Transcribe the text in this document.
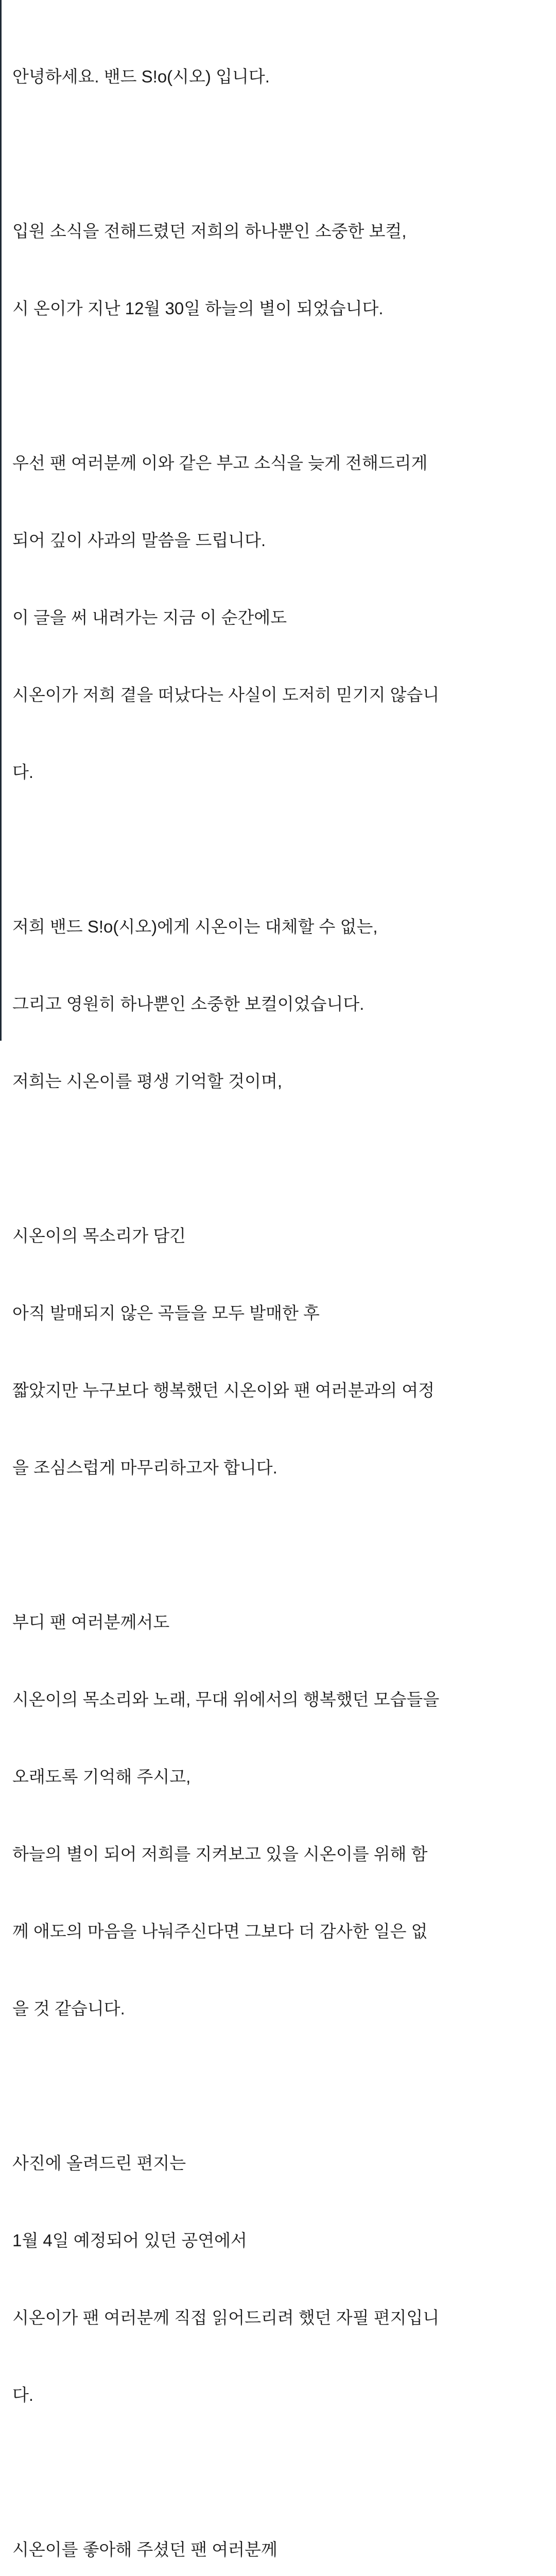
안녕하세요. 밴드 S!o(시오) 입니다.

입원 소식을 전해드렸던 저희의 하나뿐인 소중한 보컬,

시 온이가 지난 12월 30일 하늘의 별이 되었습니다.

우선 팬 여러분께 이와 같은 부고 소식을 늦게 전해드리게

되어 깊이 사과의 말씀을 드립니다.

이 글을 써 내려가는 지금 이 순간에도

시온이가 저희 곁을 떠났다는 사실이 도저히 믿기지 않습니

다.

저희 밴드 S!o(시오)에게 시온이는 대체할 수 없는,

그리고 영원히 하나뿐인 소중한 보컬이었습니다.

저희는 시온이를 평생 기억할 것이며,

시온이의 목소리가 담긴

아직 발매되지 않은 곡들을 모두 발매한 후

짧았지만 누구보다 행복했던 시온이와 팬 여러분과의 여정

을 조심스럽게 마무리하고자 합니다.

부디 팬 여러분께서도

시온이의 목소리와 노래, 무대 위에서의 행복했던 모습들을

오래도록 기억해 주시고,

하늘의 별이 되어 저희를 지켜보고 있을 시온이를 위해 함

께 애도의 마음을 나눠주신다면 그보다 더 감사한 일은 없

을 것 같습니다.

사진에 올려드린 편지는

1월 4일 예정되어 있던 공연에서

시온이가 팬 여러분께 직접 읽어드리려 했던 자필 편지입니

다.

시온이를 좋아해 주셨던 팬 여러분께
